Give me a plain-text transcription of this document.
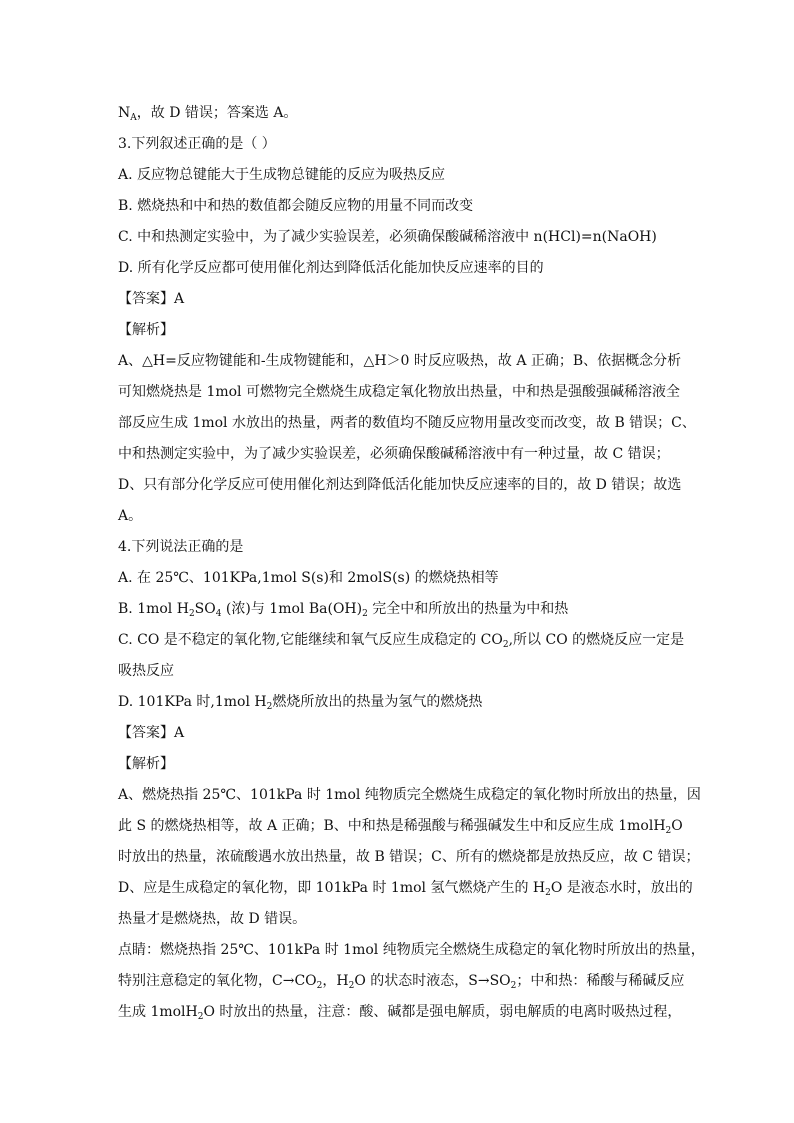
$N_A$，故 D 错误；答案选 A。
3.下列叙述正确的是（ ）
A. 反应物总键能大于生成物总键能的反应为吸热反应
B. 燃烧热和中和热的数值都会随反应物的用量不同而改变
C. 中和热测定实验中，为了减少实验误差，必须确保酸碱稀溶液中 n(HCl)=n(NaOH)
D. 所有化学反应都可使用催化剂达到降低活化能加快反应速率的目的
【答案】A
【解析】
A、△H=反应物键能和-生成物键能和，△H＞0 时反应吸热，故 A 正确；B、依据概念分析
可知燃烧热是 1mol 可燃物完全燃烧生成稳定氧化物放出热量，中和热是强酸强碱稀溶液全
部反应生成 1mol 水放出的热量，两者的数值均不随反应物用量改变而改变，故 B 错误；C、
中和热测定实验中，为了减少实验误差，必须确保酸碱稀溶液中有一种过量，故 C 错误；
D、只有部分化学反应可使用催化剂达到降低活化能加快反应速率的目的，故 D 错误；故选
A。
4.下列说法正确的是
A. 在 25℃、101KPa,1mol S(s)和 2molS(s) 的燃烧热相等
B. 1mol $H_2SO_4$ (浓)与 1mol $Ba(OH)_2$ 完全中和所放出的热量为中和热
C. CO 是不稳定的氧化物,它能继续和氧气反应生成稳定的 $CO_2$,所以 CO 的燃烧反应一定是
吸热反应
D. 101KPa 时,1mol $H_2$燃烧所放出的热量为氢气的燃烧热
【答案】A
【解析】
A、燃烧热指 25℃、101kPa 时 1mol 纯物质完全燃烧生成稳定的氧化物时所放出的热量，因
此 S 的燃烧热相等，故 A 正确；B、中和热是稀强酸与稀强碱发生中和反应生成 1molH$_2$O
时放出的热量，浓硫酸遇水放出热量，故 B 错误；C、所有的燃烧都是放热反应，故 C 错误；
D、应是生成稳定的氧化物，即 101kPa 时 1mol 氢气燃烧产生的 $H_2O$ 是液态水时，放出的
热量才是燃烧热，故 D 错误。
点睛：燃烧热指 25℃、101kPa 时 1mol 纯物质完全燃烧生成稳定的氧化物时所放出的热量，
特别注意稳定的氧化物，$C\to CO_2$，$H_2O$ 的状态时液态，$S\to SO_2$；中和热：稀酸与稀碱反应
生成 1molH$_2$O 时放出的热量，注意：酸、碱都是强电解质，弱电解质的电离时吸热过程，
